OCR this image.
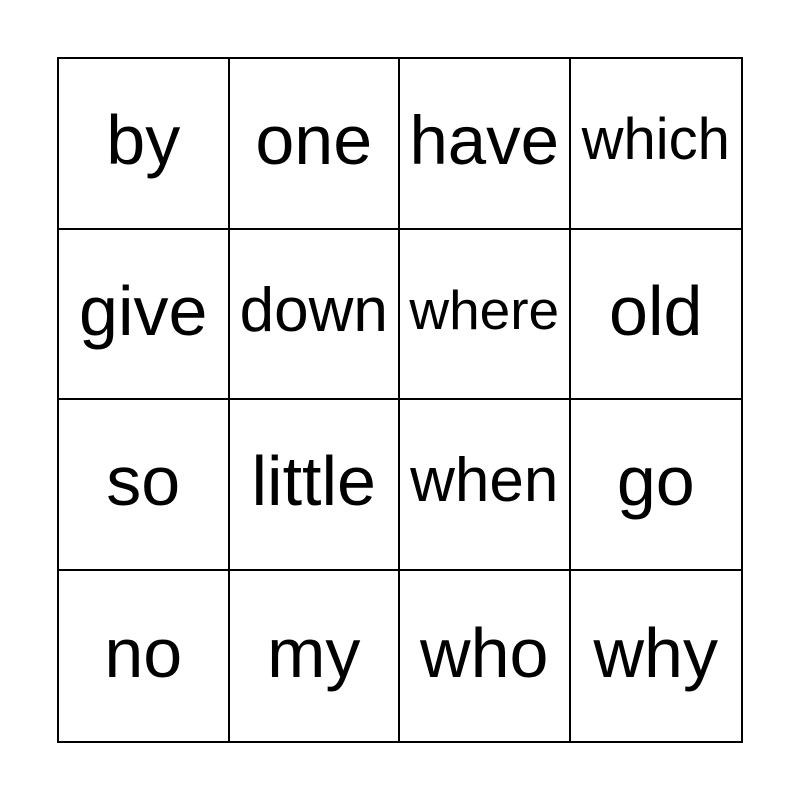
by one have which
give down where old
so little when go
no my who why
